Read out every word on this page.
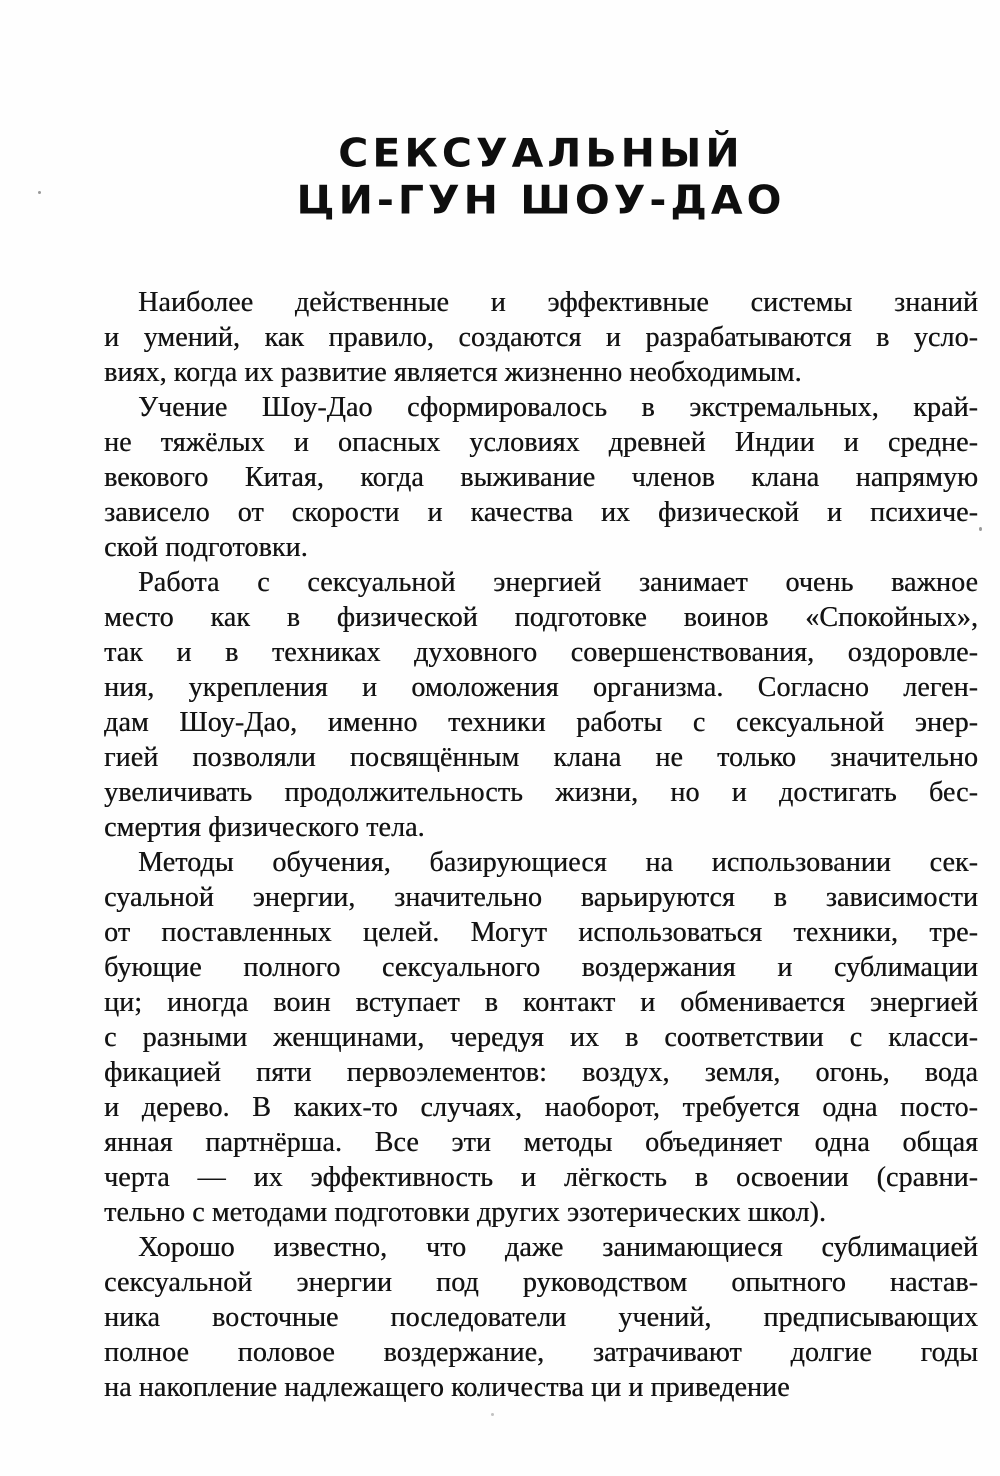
СЕКСУАЛЬНЫЙ
ЦИ-ГУН ШОУ-ДАО
Наиболее действенные и эффективные системы знаний
и умений, как правило, создаются и разрабатываются в усло-
виях, когда их развитие является жизненно необходимым.
Учение Шоу-Дао сформировалось в экстремальных, край-
не тяжёлых и опасных условиях древней Индии и средне-
векового Китая, когда выживание членов клана напрямую
зависело от скорости и качества их физической и психиче-
ской подготовки.
Работа с сексуальной энергией занимает очень важное
место как в физической подготовке воинов «Спокойных»,
так и в техниках духовного совершенствования, оздоровле-
ния, укрепления и омоложения организма. Согласно леген-
дам Шоу-Дао, именно техники работы с сексуальной энер-
гией позволяли посвящённым клана не только значительно
увеличивать продолжительность жизни, но и достигать бес-
смертия физического тела.
Методы обучения, базирующиеся на использовании сек-
суальной энергии, значительно варьируются в зависимости
от поставленных целей. Могут использоваться техники, тре-
бующие полного сексуального воздержания и сублимации
ци; иногда воин вступает в контакт и обменивается энергией
с разными женщинами, чередуя их в соответствии с класси-
фикацией пяти первоэлементов: воздух, земля, огонь, вода
и дерево. В каких-то случаях, наоборот, требуется одна посто-
янная партнёрша. Все эти методы объединяет одна общая
черта — их эффективность и лёгкость в освоении (сравни-
тельно с методами подготовки других эзотерических школ).
Хорошо известно, что даже занимающиеся сублимацией
сексуальной энергии под руководством опытного настав-
ника восточные последователи учений, предписывающих
полное половое воздержание, затрачивают долгие годы
на накопление надлежащего количества ци и приведение
